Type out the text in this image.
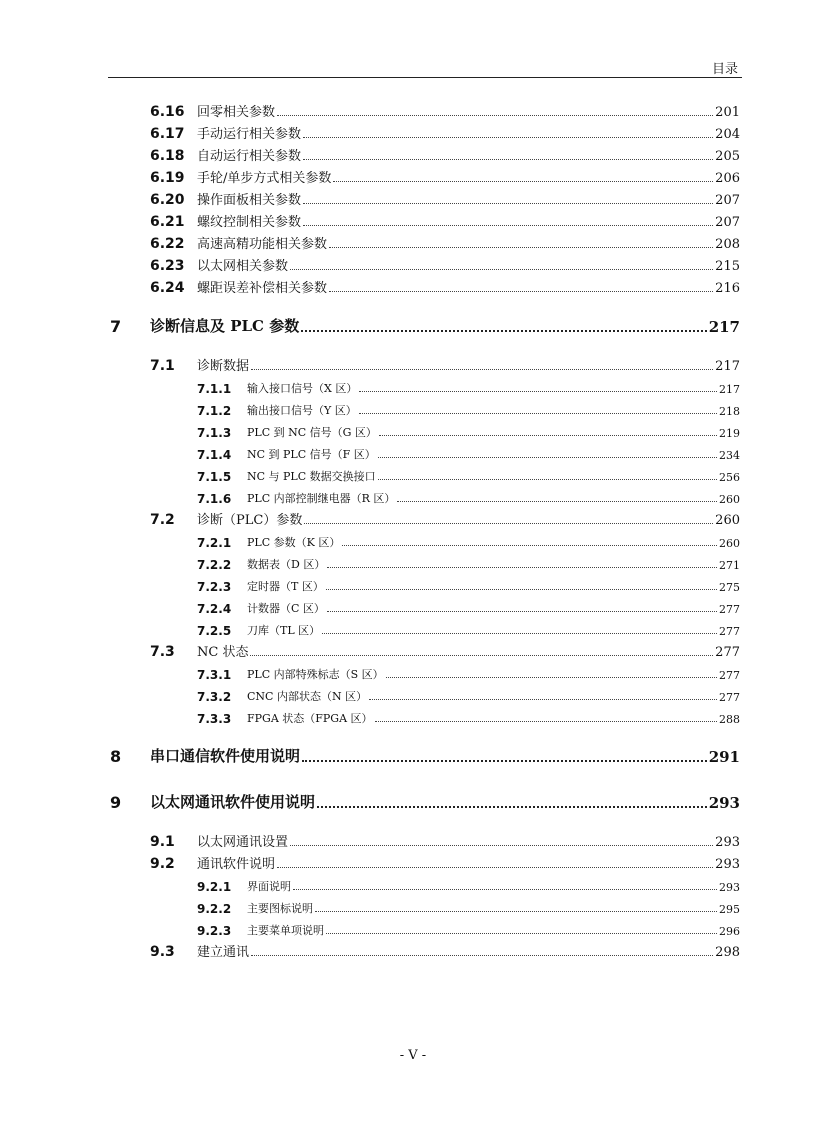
目录
6.16 回零相关参数	201
6.17 手动运行相关参数	204
6.18 自动运行相关参数	205
6.19 手轮/单步方式相关参数	206
6.20 操作面板相关参数	207
6.21 螺纹控制相关参数	207
6.22 高速高精功能相关参数	208
6.23 以太网相关参数	215
6.24 螺距误差补偿相关参数	216
7	诊断信息及 PLC 参数	217
7.1	诊断数据	217
7.1.1	输入接口信号（X 区）	217
7.1.2	输出接口信号（Y 区）	218
7.1.3	PLC 到 NC 信号（G 区）	219
7.1.4	NC 到 PLC 信号（F 区）	234
7.1.5	NC 与 PLC 数据交换接口	256
7.1.6	PLC 内部控制继电器（R 区）	260
7.2	诊断（PLC）参数	260
7.2.1	PLC 参数（K 区）	260
7.2.2	数据表（D 区）	271
7.2.3	定时器（T 区）	275
7.2.4	计数器（C 区）	277
7.2.5	刀库（TL 区）	277
7.3	NC 状态	277
7.3.1	PLC 内部特殊标志（S 区）	277
7.3.2	CNC 内部状态（N 区）	277
7.3.3	FPGA 状态（FPGA 区）	288
8	串口通信软件使用说明	291
9	以太网通讯软件使用说明	293
9.1	以太网通讯设置	293
9.2	通讯软件说明	293
9.2.1	界面说明	293
9.2.2	主要图标说明	295
9.2.3	主要菜单项说明	296
9.3	建立通讯	298
- V -
